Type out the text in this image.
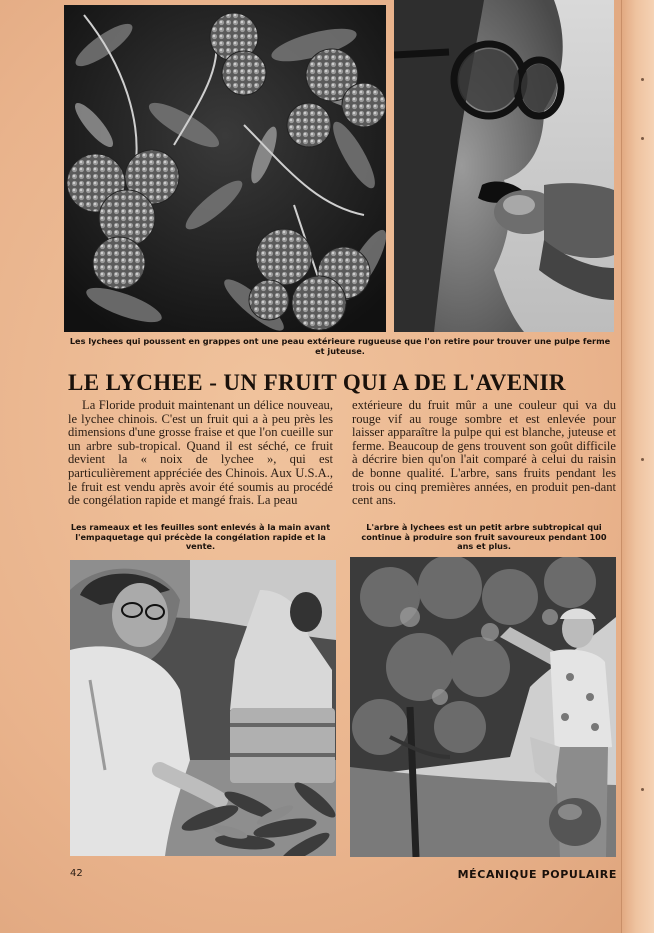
Les lychees qui poussent en grappes ont une peau extérieure rugueuse que l'on retire pour trouver une pulpe ferme et juteuse.
LE LYCHEE - UN FRUIT QUI A DE L'AVENIR

La Floride produit maintenant un délice nouveau, le lychee chinois. C'est un fruit qui a à peu près les dimensions d'une grosse fraise et que l'on cueille sur un arbre sub-tropical. Quand il est séché, ce fruit devient la « noix de lychee », qui est particulièrement appréciée des Chinois. Aux U.S.A., le fruit est vendu après avoir été soumis au procédé de congélation rapide et mangé frais. La peau

extérieure du fruit mûr a une couleur qui va du rouge vif au rouge sombre et est enlevée pour laisser apparaître la pulpe qui est blanche, juteuse et ferme. Beaucoup de gens trouvent son goût difficile à décrire bien qu'on l'ait comparé à celui du raisin de bonne qualité. L'arbre, sans fruits pendant les trois ou cinq premières années, en produit pen-dant cent ans.

Les rameaux et les feuilles sont enlevés à la main avant l'empaquetage qui précède la congélation rapide et la vente.
L'arbre à lychees est un petit arbre subtropical qui continue à produire son fruit savoureux pendant 100 ans et plus.
42	MÉCANIQUE POPULAIRE
